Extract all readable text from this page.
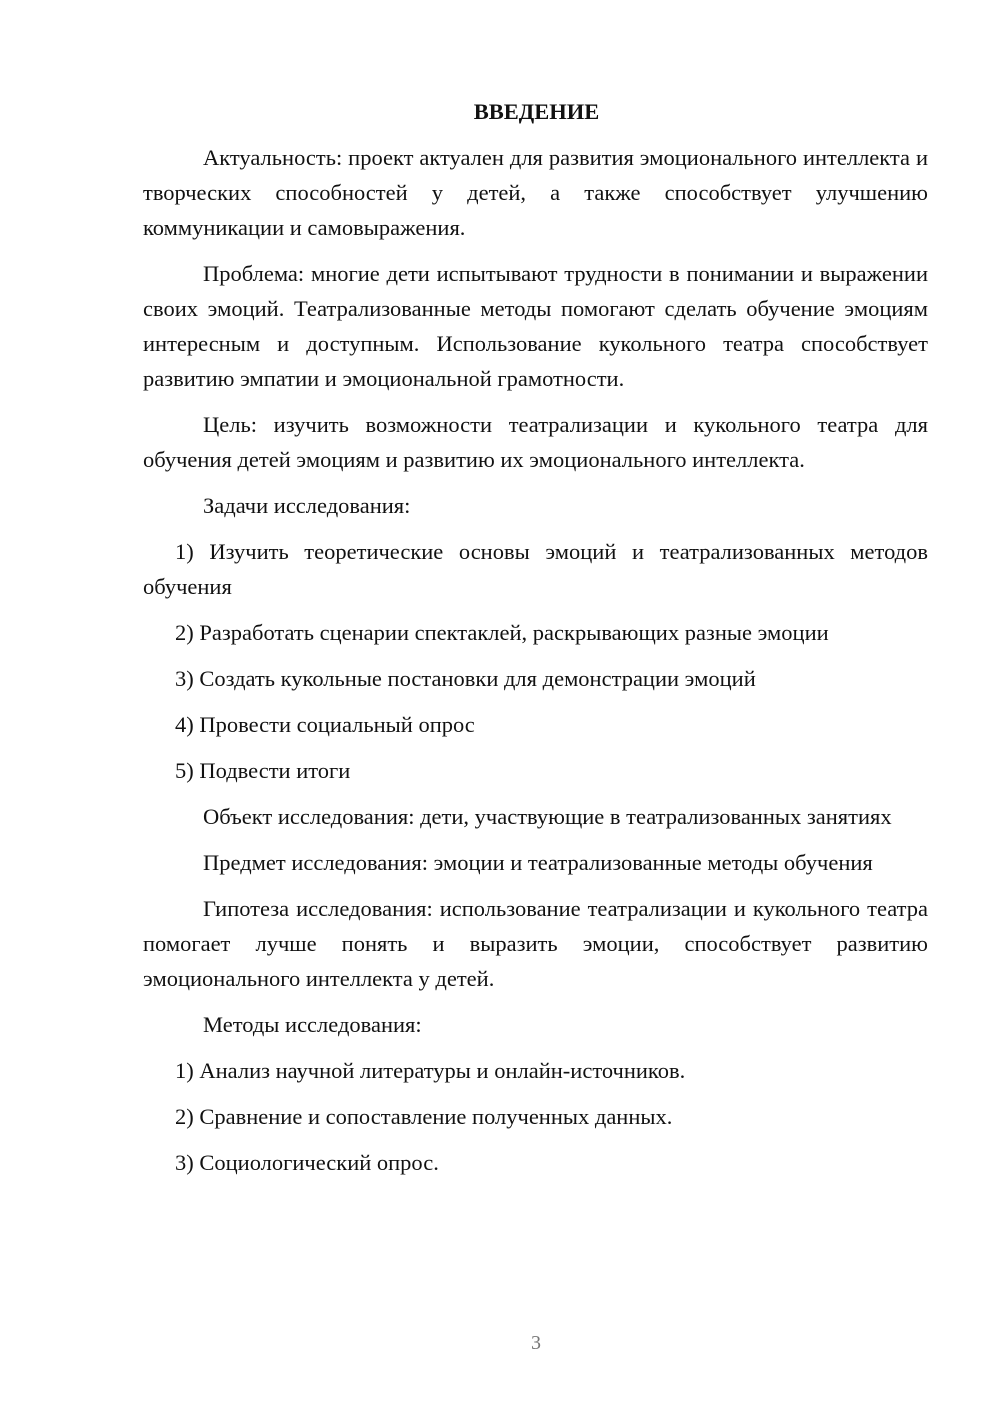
ВВЕДЕНИЕ
Актуальность: проект актуален для развития эмоционального интеллекта и творческих способностей у детей, а также способствует улучшению коммуникации и самовыражения.
Проблема: многие дети испытывают трудности в понимании и выражении своих эмоций. Театрализованные методы помогают сделать обучение эмоциям интересным и доступным. Использование кукольного театра способствует развитию эмпатии и эмоциональной грамотности.
Цель: изучить возможности театрализации и кукольного театра для обучения детей эмоциям и развитию их эмоционального интеллекта.
Задачи исследования:
1) Изучить теоретические основы эмоций и театрализованных методов обучения
2) Разработать сценарии спектаклей, раскрывающих разные эмоции
3) Создать кукольные постановки для демонстрации эмоций
4) Провести социальный опрос
5) Подвести итоги
Объект исследования: дети, участвующие в театрализованных занятиях
Предмет исследования: эмоции и театрализованные методы обучения
Гипотеза исследования: использование театрализации и кукольного театра помогает лучше понять и выразить эмоции, способствует развитию эмоционального интеллекта у детей.
Методы исследования:
1) Анализ научной литературы и онлайн-источников.
2) Сравнение и сопоставление полученных данных.
3) Социологический опрос.
3
